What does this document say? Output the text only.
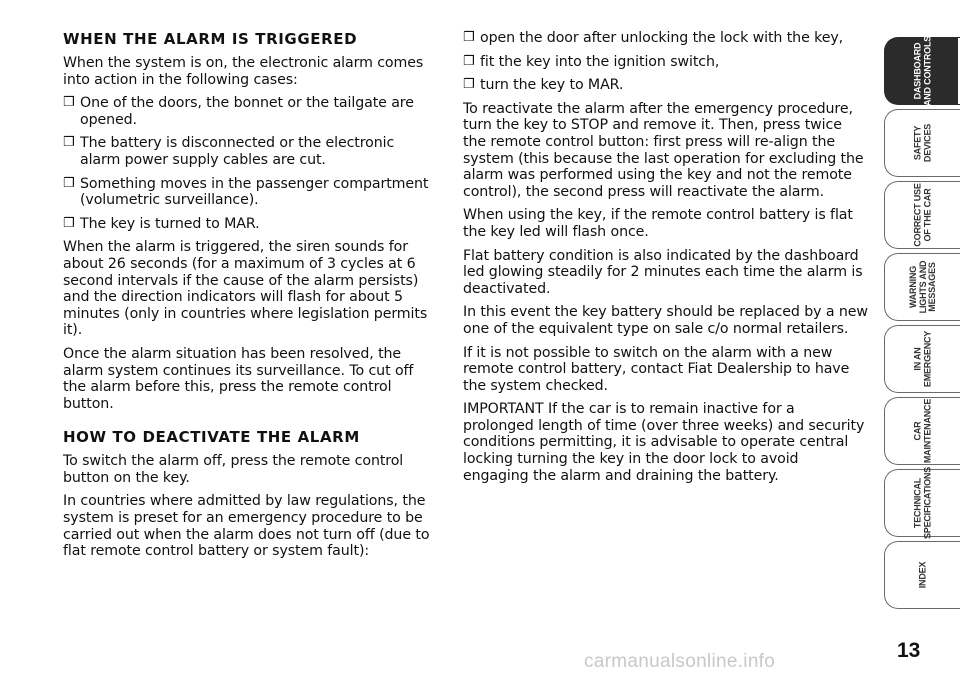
WHEN THE ALARM IS TRIGGERED

When the system is on, the electronic alarm comes into action in the following cases:

❒ One of the doors, the bonnet or the tailgate are opened.
❒ The battery is disconnected or the electronic alarm power supply cables are cut.
❒ Something moves in the passenger compartment (volumetric surveillance).
❒ The key is turned to MAR.

When the alarm is triggered, the siren sounds for about 26 seconds (for a maximum of 3 cycles at 6 second intervals if the cause of the alarm persists) and the direction indicators will flash for about 5 minutes (only in countries where legislation permits it).

Once the alarm situation has been resolved, the alarm system continues its surveillance. To cut off the alarm before this, press the remote control button.

HOW TO DEACTIVATE THE ALARM

To switch the alarm off, press the remote control button on the key.

In countries where admitted by law regulations, the system is preset for an emergency procedure to be carried out when the alarm does not turn off (due to flat remote control battery or system fault):

❒ open the door after unlocking the lock with the key,
❒ fit the key into the ignition switch,
❒ turn the key to MAR.

To reactivate the alarm after the emergency procedure, turn the key to STOP and remove it. Then, press twice the remote control button: first press will re-align the system (this because the last operation for excluding the alarm was performed using the key and not the remote control), the second press will reactivate the alarm.

When using the key, if the remote control battery is flat the key led will flash once.

Flat battery condition is also indicated by the dashboard led glowing steadily for 2 minutes each time the alarm is deactivated.

In this event the key battery should be replaced by a new one of the equivalent type on sale c/o normal retailers.

If it is not possible to switch on the alarm with a new remote control battery, contact Fiat Dealership to have the system checked.

IMPORTANT If the car is to remain inactive for a prolonged length of time (over three weeks) and security conditions permitting, it is advisable to operate central locking turning the key in the door lock to avoid engaging the alarm and draining the battery.

DASHBOARD
AND CONTROLS
SAFETY
DEVICES
CORRECT USE
OF THE CAR
WARNING
LIGHTS AND
MESSAGES
IN AN
EMERGENCY
CAR
MAINTENANCE
TECHNICAL
SPECIFICATIONS
INDEX
13
carmanualsonline.info
